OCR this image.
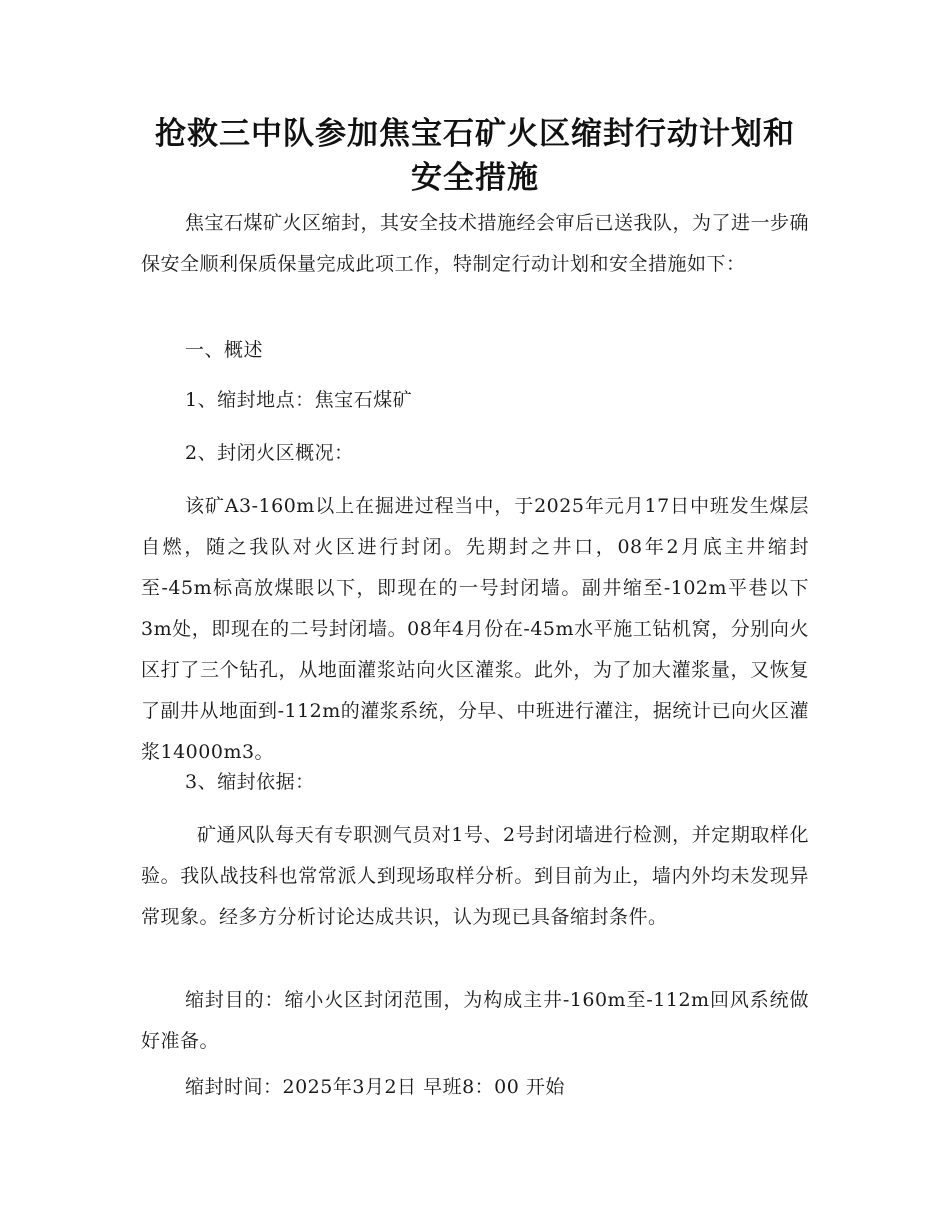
抢救三中队参加焦宝石矿火区缩封行动计划和安全措施

焦宝石煤矿火区缩封，其安全技术措施经会审后已送我队，为了进一步确保安全顺利保质保量完成此项工作，特制定行动计划和安全措施如下：

一、概述

1、缩封地点：焦宝石煤矿

2、封闭火区概况：

该矿A3-160m以上在掘进过程当中，于2025年元月17日中班发生煤层自燃，随之我队对火区进行封闭。先期封之井口，08年2月底主井缩封至-45m标高放煤眼以下，即现在的一号封闭墙。副井缩至-102m平巷以下3m处，即现在的二号封闭墙。08年4月份在-45m水平施工钻机窝，分别向火区打了三个钻孔，从地面灌浆站向火区灌浆。此外，为了加大灌浆量，又恢复了副井从地面到-112m的灌浆系统，分早、中班进行灌注，据统计已向火区灌浆14000m3。

3、缩封依据：

矿通风队每天有专职测气员对1号、2号封闭墙进行检测，并定期取样化验。我队战技科也常常派人到现场取样分析。到目前为止，墙内外均未发现异常现象。经多方分析讨论达成共识，认为现已具备缩封条件。

缩封目的：缩小火区封闭范围，为构成主井-160m至-112m回风系统做好准备。

缩封时间：2025年3月2日 早班8：00 开始
